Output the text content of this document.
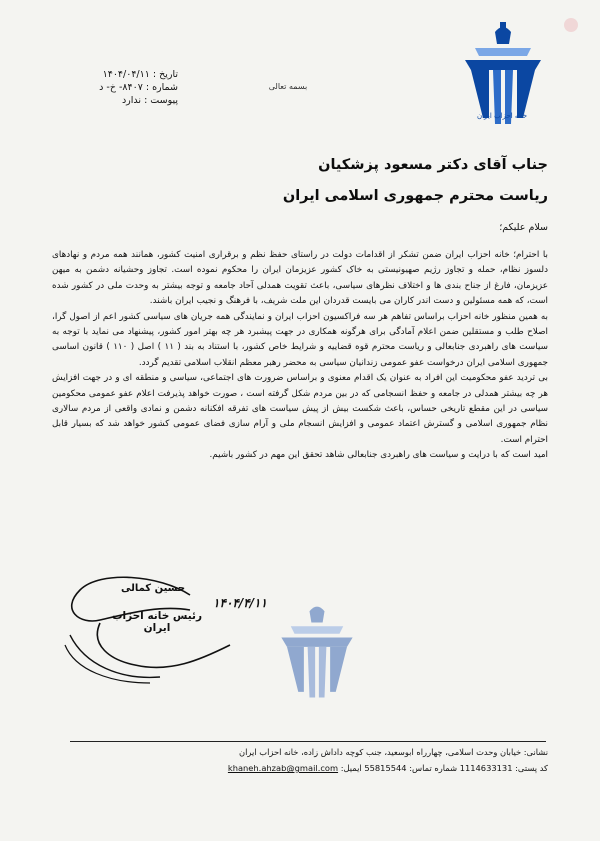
خانه احزاب ایران
تاریخ : ۱۴۰۴/۰۴/۱۱
شماره : ۸۴۰۷- خ- د
پیوست : ندارد
بسمه تعالی
جناب آقای دکتر مسعود پزشکیان
ریاست محترم جمهوری اسلامی ایران
سلام علیکم؛

با احترام؛ خانه احزاب ایران ضمن تشکر از اقدامات دولت در راستای حفظ نظم و برقراری امنیت کشور، همانند همه مردم و نهادهای دلسوز نظام، حمله و تجاوز رژیم صهیونیستی به خاک کشور عزیزمان ایران را محکوم نموده است. تجاوز وحشیانه دشمن به میهن عزیزمان، فارغ از جناح بندی ها و اختلاف نظرهای سیاسی، باعث تقویت همدلی آحاد جامعه و توجه بیشتر به وحدت ملی در کشور شده است، که همه مسئولین و دست اندر کاران می بایست قدردان این ملت شریف، با فرهنگ و نجیب ایران باشند.

به همین منظور خانه احزاب براساس تفاهم هر سه فراکسیون احزاب ایران و نمایندگی همه جریان های سیاسی کشور اعم از اصول گرا، اصلاح طلب و مستقلین ضمن اعلام آمادگی برای هرگونه همکاری در جهت پیشبرد هر چه بهتر امور کشور، پیشنهاد می نماید با توجه به سیاست های راهبردی جنابعالی و ریاست محترم قوه قضاییه و شرایط خاص کشور، با استناد به بند ( ۱۱ ) اصل ( ۱۱۰ ) قانون اساسی جمهوری اسلامی ایران درخواست عفو عمومی زندانیان سیاسی به محضر رهبر معظم انقلاب اسلامی تقدیم گردد.

بی تردید عفو محکومیت این افراد به عنوان یک اقدام معنوی و براساس ضرورت های اجتماعی، سیاسی و منطقه ای و در جهت افزایش هر چه بیشتر همدلی در جامعه و حفظ انسجامی که در بین مردم شکل گرفته است ، صورت خواهد پذیرفت اعلام عفو عمومی محکومین سیاسی در این مقطع تاریخی حساس، باعث شکست بیش از پیش سیاست های تفرقه افکنانه دشمن و نمادی واقعی از مردم سالاری نظام جمهوری اسلامی و گسترش اعتماد عمومی و افزایش انسجام ملی و آرام سازی فضای عمومی کشور خواهد شد که بسیار قابل احترام است.

امید است که با درایت و سیاست های راهبردی جنابعالی شاهد تحقق این مهم در کشور باشیم.

حسین کمالی
۱۴۰۴/۴/۱۱
رئیس خانه احزاب ایران
نشانی: خیابان وحدت اسلامی، چهارراه ابوسعید، جنب کوچه داداش زاده، خانه احزاب ایران
کد پستی: 1114633131 شماره تماس: 55815544 ایمیل: khaneh.ahzab@gmail.com
